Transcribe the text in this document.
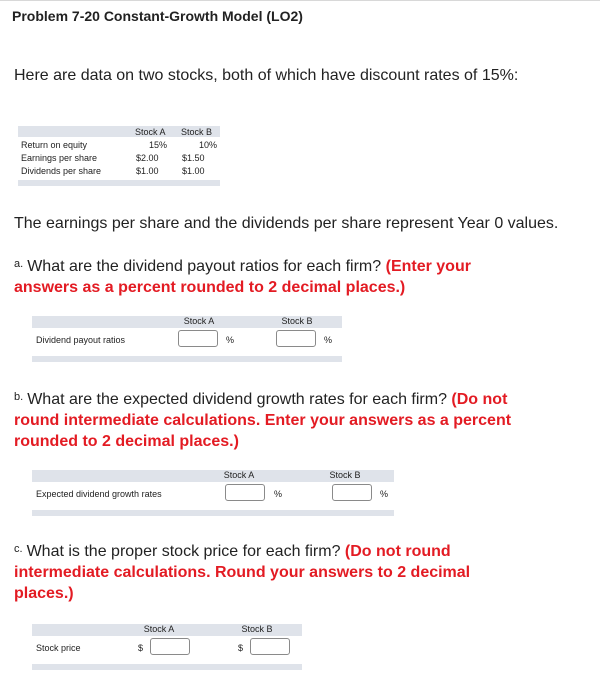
Problem 7-20 Constant-Growth Model (LO2)
Here are data on two stocks, both of which have discount rates of 15%:
Stock A Stock B
Return on equity	15%	10%
Earnings per share	$2.00	$1.50
Dividends per share	$1.00	$1.00
The earnings per share and the dividends per share represent Year 0 values.
$^{a.}$ What are the dividend payout ratios for each firm? (Enter your answers as a percent rounded to 2 decimal places.)
Stock A	Stock B
Dividend payout ratios	%	%
$^{b.}$ What are the expected dividend growth rates for each firm? (Do not round intermediate calculations. Enter your answers as a percent rounded to 2 decimal places.)
Stock A	Stock B
Expected dividend growth rates	%	%
$^{c.}$ What is the proper stock price for each firm? (Do not round intermediate calculations. Round your answers to 2 decimal places.)
Stock A	Stock B
Stock price	$	$
